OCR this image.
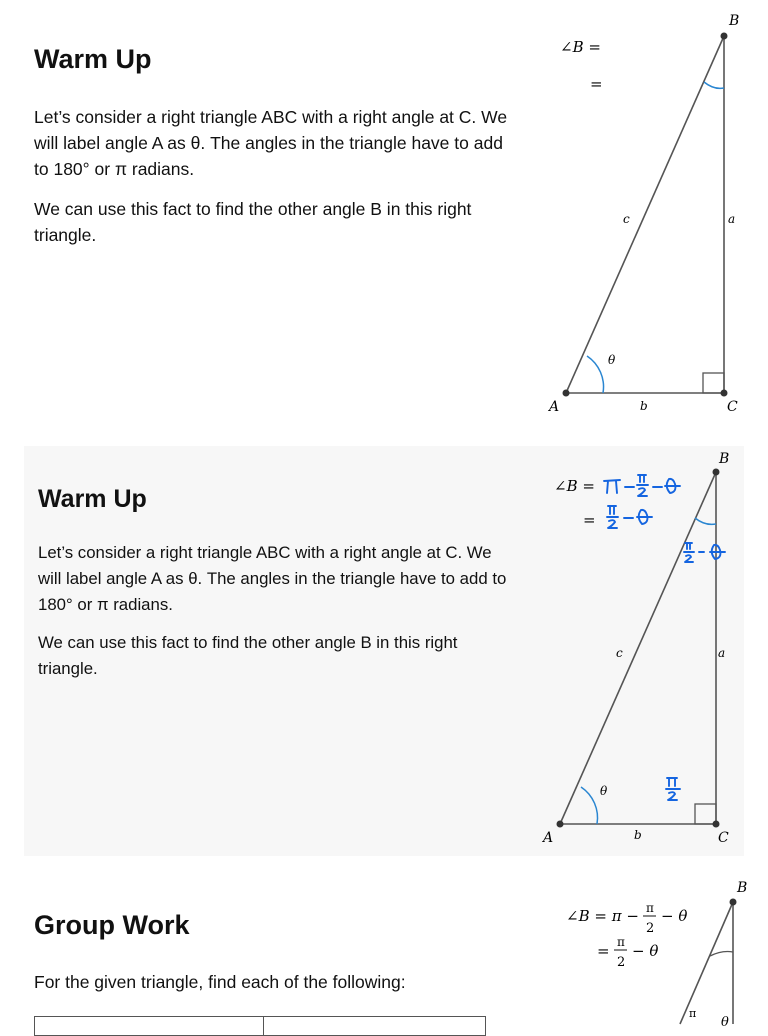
Warm Up
Let’s consider a right triangle ABC with a right angle at C. We will label angle A as θ. The angles in the triangle have to add to 180° or π radians.
We can use this fact to find the other angle B in this right triangle.
∠B =
=
A	C
B
a
b
c
θ
Warm Up
Let’s consider a right triangle ABC with a right angle at C. We will label angle A as θ. The angles in the triangle have to add to 180° or π radians.
We can use this fact to find the other angle B in this right triangle.
∠B =
=
A	C
B
a
b
c
θ
Group Work
For the given triangle, find each of the following:
∠B = π − π
2
− θ
= π
2
− θ
B
π
θ
